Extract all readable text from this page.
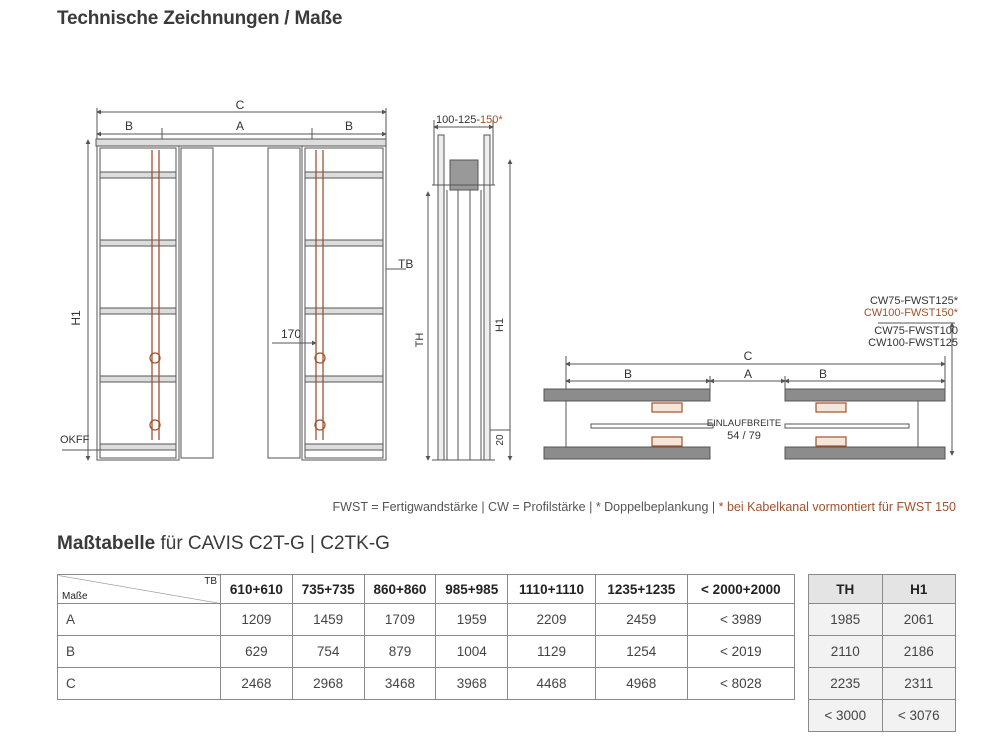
Technische Zeichnungen / Maße
C
B	A	B
H1
TB
170
OKFF
100-125-150*
TH
H1
20
CW75-FWST125*
CW100-FWST150*
CW75-FWST100
CW100-FWST125
C
B	A	B
EINLAUFBREITE
54 / 79
FWST = Fertigwandstärke | CW = Profilstärke | * Doppelbeplankung | * bei Kabelkanal vormontiert für FWST 150
Maßtabelle für CAVIS C2T-G | C2TK-G
TB
Maße	610+610	735+735	860+860	985+985	1110+1110	1235+1235	< 2000+2000
A	1209	1459	1709	1959	2209	2459	< 3989
B	629	754	879	1004	1129	1254	< 2019
C	2468	2968	3468	3968	4468	4968	< 8028
TH	H1
1985	2061
2110	2186
2235	2311
< 3000	< 3076
